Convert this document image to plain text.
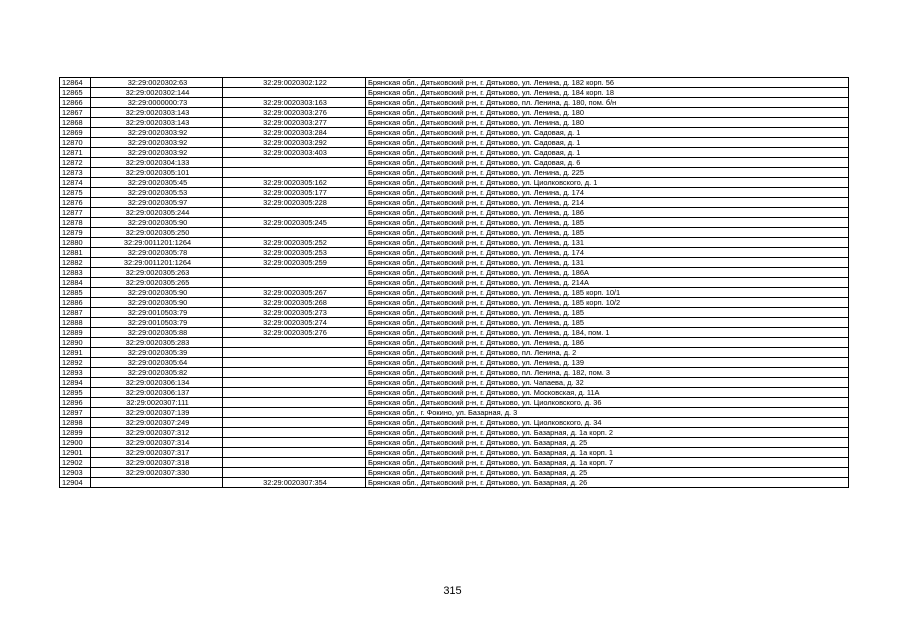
12864	32:29:0020302:63	32:29:0020302:122	Брянская обл., Дятьковский р-н, г. Дятьково, ул. Ленина, д. 182 корп. 56
12865	32:29:0020302:144		Брянская обл., Дятьковский р-н, г. Дятьково, ул. Ленина, д. 184 корп. 18
12866	32:29:0000000:73	32:29:0020303:163	Брянская обл., Дятьковский р-н, г. Дятьково, пл. Ленина, д. 180, пом. б/н
12867	32:29:0020303:143	32:29:0020303:276	Брянская обл., Дятьковский р-н, г. Дятьково, ул. Ленина, д. 180
12868	32:29:0020303:143	32:29:0020303:277	Брянская обл., Дятьковский р-н, г. Дятьково, ул. Ленина, д. 180
12869	32:29:0020303:92	32:29:0020303:284	Брянская обл., Дятьковский р-н, г. Дятьково, ул. Садовая, д. 1
12870	32:29:0020303:92	32:29:0020303:292	Брянская обл., Дятьковский р-н, г. Дятьково, ул. Садовая, д. 1
12871	32:29:0020303:92	32:29:0020303:403	Брянская обл., Дятьковский р-н, г. Дятьково, ул. Садовая, д. 1
12872	32:29:0020304:133		Брянская обл., Дятьковский р-н, г. Дятьково, ул. Садовая, д. 6
12873	32:29:0020305:101		Брянская обл., Дятьковский р-н, г. Дятьково, ул. Ленина, д. 225
12874	32:29:0020305:45	32:29:0020305:162	Брянская обл., Дятьковский р-н, г. Дятьково, ул. Циолковского, д. 1
12875	32:29:0020305:53	32:29:0020305:177	Брянская обл., Дятьковский р-н, г. Дятьково, ул. Ленина, д. 174
12876	32:29:0020305:97	32:29:0020305:228	Брянская обл., Дятьковский р-н, г. Дятьково, ул. Ленина, д. 214
12877	32:29:0020305:244		Брянская обл., Дятьковский р-н, г. Дятьково, ул. Ленина, д. 186
12878	32:29:0020305:90	32:29:0020305:245	Брянская обл., Дятьковский р-н, г. Дятьково, ул. Ленина, д. 185
12879	32:29:0020305:250		Брянская обл., Дятьковский р-н, г. Дятьково, ул. Ленина, д. 185
12880	32:29:0011201:1264	32:29:0020305:252	Брянская обл., Дятьковский р-н, г. Дятьково, ул. Ленина, д. 131
12881	32:29:0020305:78	32:29:0020305:253	Брянская обл., Дятьковский р-н, г. Дятьково, ул. Ленина, д. 174
12882	32:29:0011201:1264	32:29:0020305:259	Брянская обл., Дятьковский р-н, г. Дятьково, ул. Ленина, д. 131
12883	32:29:0020305:263		Брянская обл., Дятьковский р-н, г. Дятьково, ул. Ленина, д. 186А
12884	32:29:0020305:265		Брянская обл., Дятьковский р-н, г. Дятьково, ул. Ленина, д. 214А
12885	32:29:0020305:90	32:29:0020305:267	Брянская обл., Дятьковский р-н, г. Дятьково, ул. Ленина, д. 185 корп. 10/1
12886	32:29:0020305:90	32:29:0020305:268	Брянская обл., Дятьковский р-н, г. Дятьково, ул. Ленина, д. 185 корп. 10/2
12887	32:29:0010503:79	32:29:0020305:273	Брянская обл., Дятьковский р-н, г. Дятьково, ул. Ленина, д. 185
12888	32:29:0010503:79	32:29:0020305:274	Брянская обл., Дятьковский р-н, г. Дятьково, ул. Ленина, д. 185
12889	32:29:0020305:88	32:29:0020305:276	Брянская обл., Дятьковский р-н, г. Дятьково, ул. Ленина, д. 184, пом. 1
12890	32:29:0020305:283		Брянская обл., Дятьковский р-н, г. Дятьково, ул. Ленина, д. 186
12891	32:29:0020305:39		Брянская обл., Дятьковский р-н, г. Дятьково, пл. Ленина, д. 2
12892	32:29:0020305:64		Брянская обл., Дятьковский р-н, г. Дятьково, ул. Ленина, д. 139
12893	32:29:0020305:82		Брянская обл., Дятьковский р-н, г. Дятьково, пл. Ленина, д. 182, пом. 3
12894	32:29:0020306:134		Брянская обл., Дятьковский р-н, г. Дятьково, ул. Чапаева, д. 32
12895	32:29:0020306:137		Брянская обл., Дятьковский р-н, г. Дятьково, ул. Московская, д. 11А
12896	32:29:0020307:111		Брянская обл., Дятьковский р-н, г. Дятьково, ул. Циолковского, д. 36
12897	32:29:0020307:139		Брянская обл., г. Фокино, ул. Базарная, д. 3
12898	32:29:0020307:249		Брянская обл., Дятьковский р-н, г. Дятьково, ул. Циолковского, д. 34
12899	32:29:0020307:312		Брянская обл., Дятьковский р-н, г. Дятьково, ул. Базарная, д. 1а корп. 2
12900	32:29:0020307:314		Брянская обл., Дятьковский р-н, г. Дятьково, ул. Базарная, д. 25
12901	32:29:0020307:317		Брянская обл., Дятьковский р-н, г. Дятьково, ул. Базарная, д. 1а корп. 1
12902	32:29:0020307:318		Брянская обл., Дятьковский р-н, г. Дятьково, ул. Базарная, д. 1а корп. 7
12903	32:29:0020307:330		Брянская обл., Дятьковский р-н, г. Дятьково, ул. Базарная, д. 25
12904		32:29:0020307:354	Брянская обл., Дятьковский р-н, г. Дятьково, ул. Базарная, д. 26
315
